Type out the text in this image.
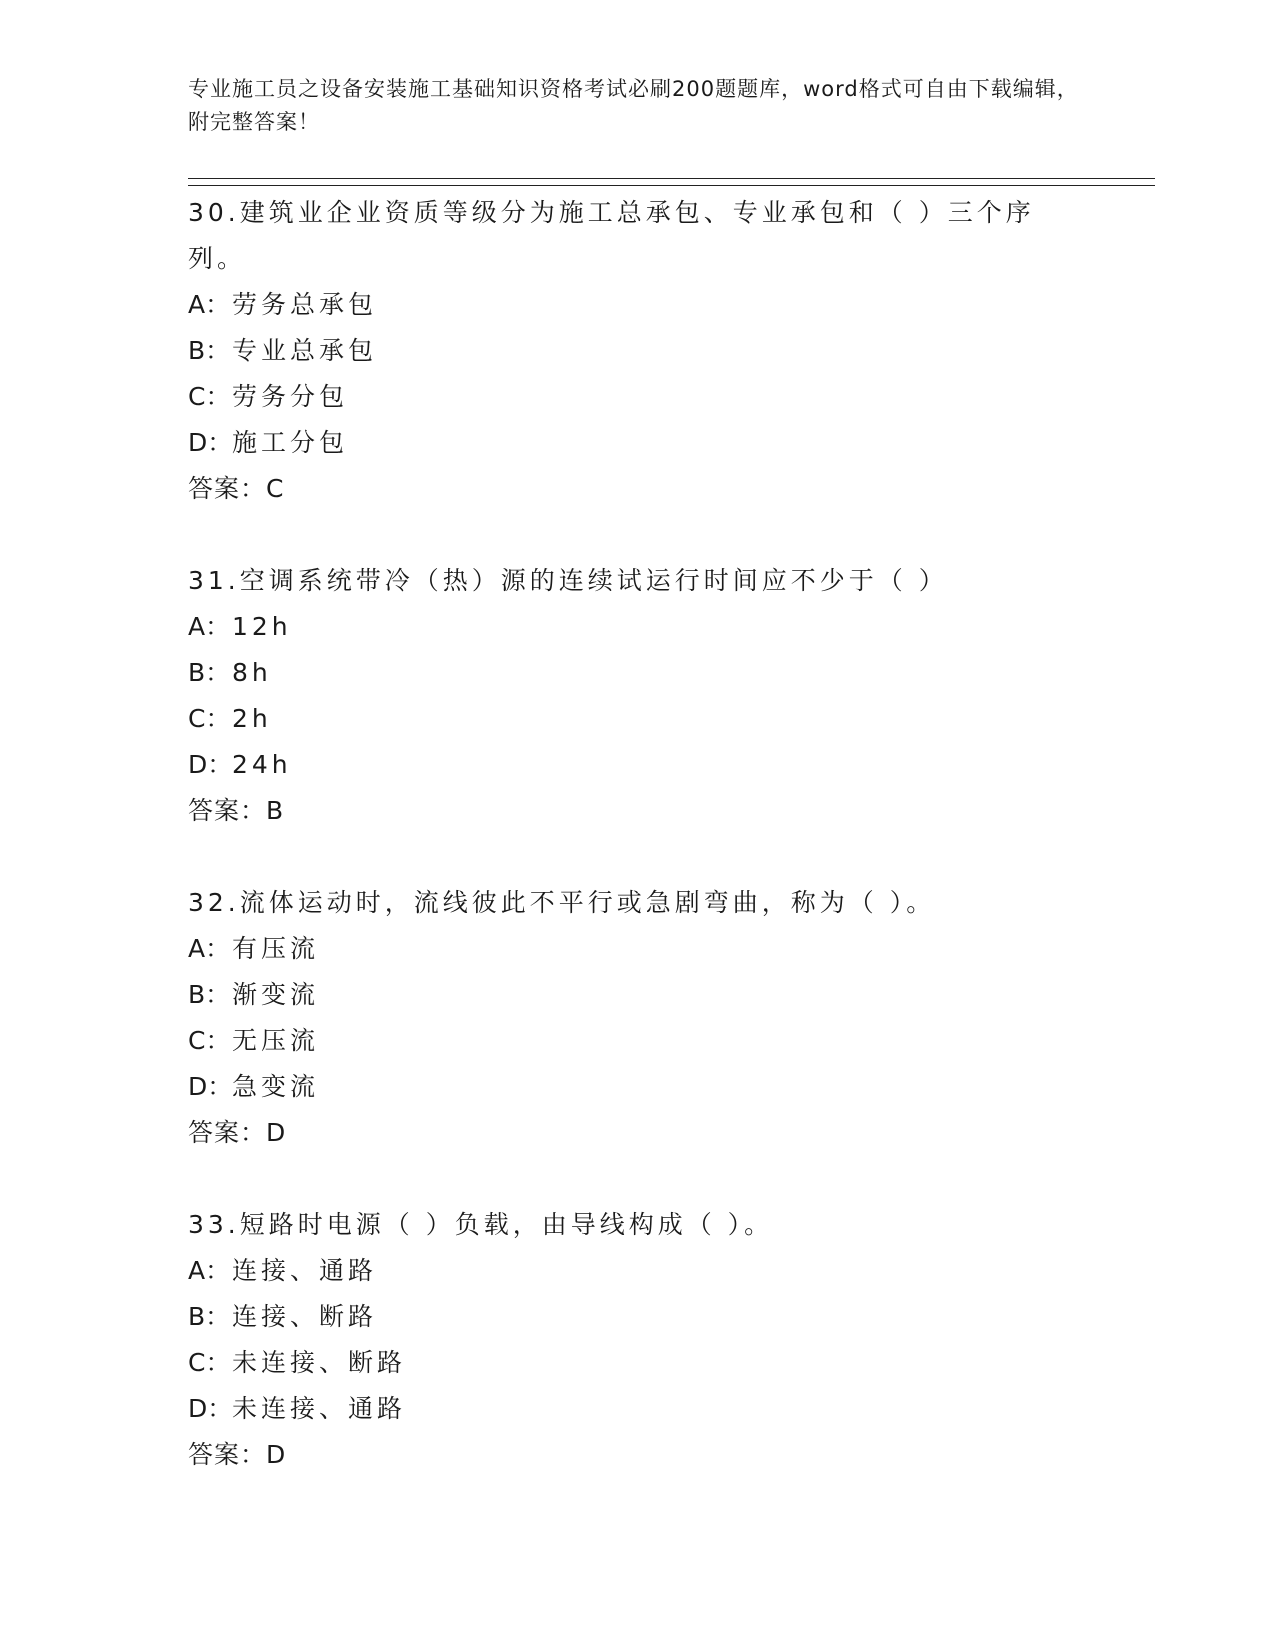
专业施工员之设备安装施工基础知识资格考试必刷200题题库，word格式可自由下载编辑，附完整答案！
30.建筑业企业资质等级分为施工总承包、专业承包和（ ）三个序列。
A：劳务总承包
B：专业总承包
C：劳务分包
D：施工分包
答案：C
31.空调系统带冷（热）源的连续试运行时间应不少于（ ）
A：12h
B：8h
C：2h
D：24h
答案：B
32.流体运动时，流线彼此不平行或急剧弯曲，称为（ ）。
A：有压流
B：渐变流
C：无压流
D：急变流
答案：D
33.短路时电源（ ）负载，由导线构成（ ）。
A：连接、通路
B：连接、断路
C：未连接、断路
D：未连接、通路
答案：D
